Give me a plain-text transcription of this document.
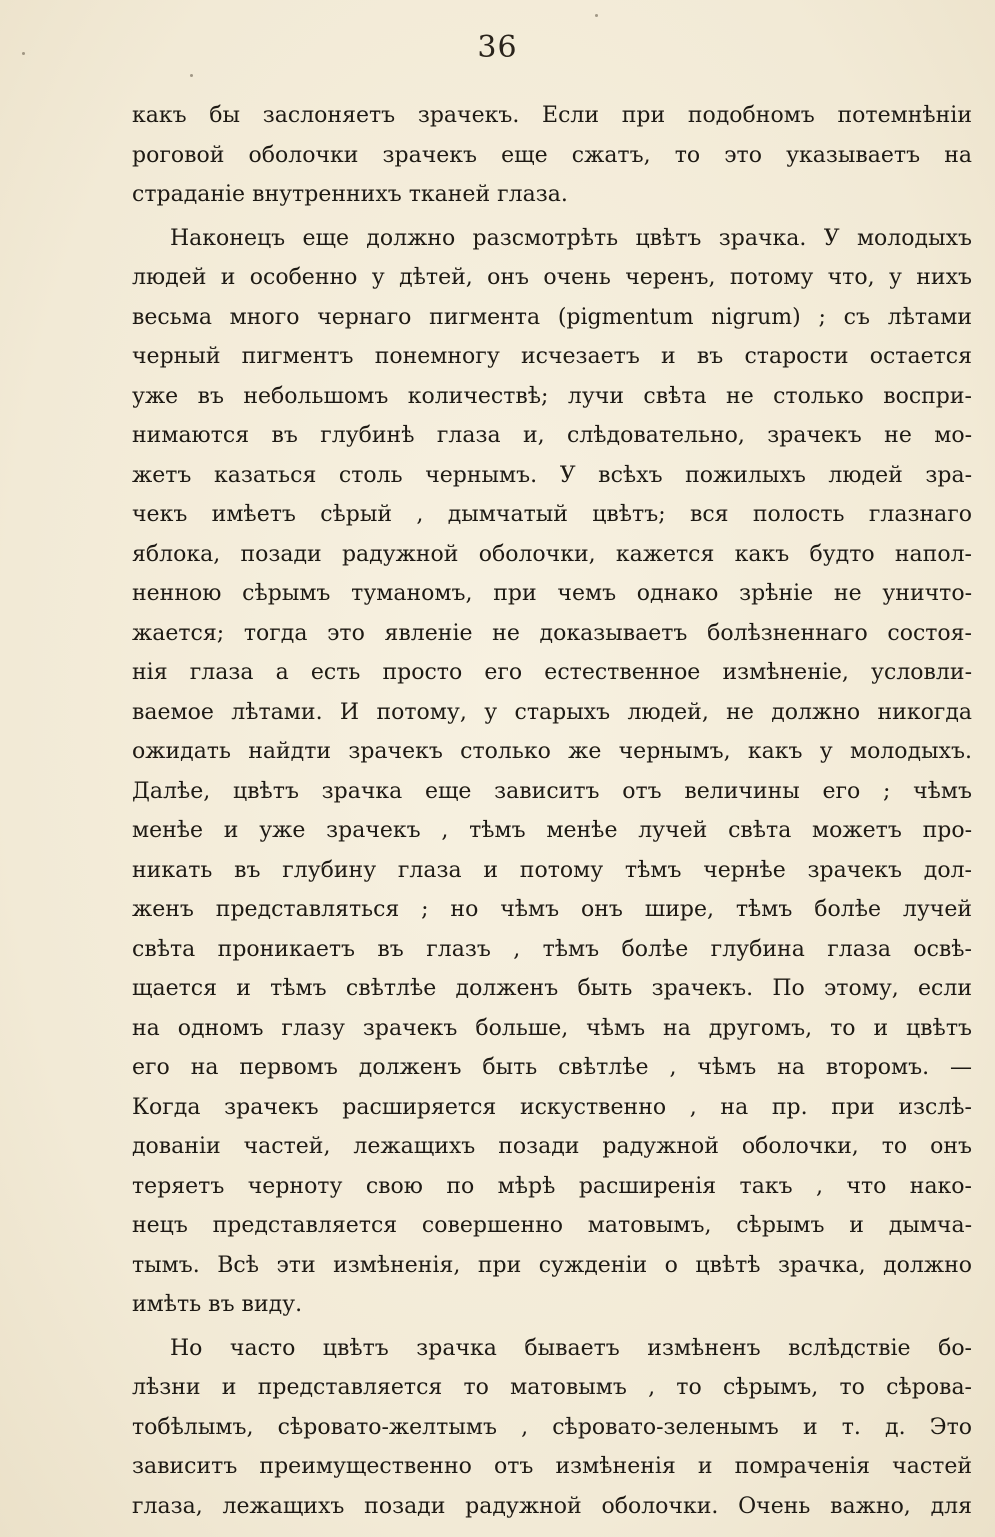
36
какъ бы заслоняетъ зрачекъ. Если при подобномъ потемнѣніи
роговой оболочки зрачекъ еще сжатъ, то это указываетъ на
страданіе внутреннихъ тканей глаза.
Наконецъ еще должно разсмотрѣть цвѣтъ зрачка. У молодыхъ
людей и особенно у дѣтей, онъ очень черенъ, потому что, у нихъ
весьма много чернаго пигмента (pigmentum nigrum) ; съ лѣтами
черный пигментъ понемногу исчезаетъ и въ старости остается
уже въ небольшомъ количествѣ; лучи свѣта не столько воспри-
нимаются въ глубинѣ глаза и, слѣдовательно, зрачекъ не мо-
жетъ казаться столь чернымъ. У всѣхъ пожилыхъ людей зра-
чекъ имѣетъ сѣрый , дымчатый цвѣтъ; вся полость глазнаго
яблока, позади радужной оболочки, кажется какъ будто напол-
ненною сѣрымъ туманомъ, при чемъ однако зрѣніе не уничто-
жается; тогда это явленіе не доказываетъ болѣзненнаго состоя-
нія глаза а есть просто его естественное измѣненіе, условли-
ваемое лѣтами. И потому, у старыхъ людей, не должно никогда
ожидать найдти зрачекъ столько же чернымъ, какъ у молодыхъ.
Далѣе, цвѣтъ зрачка еще зависитъ отъ величины его ; чѣмъ
менѣе и уже зрачекъ , тѣмъ менѣе лучей свѣта можетъ про-
никать въ глубину глаза и потому тѣмъ чернѣе зрачекъ дол-
женъ представляться ; но чѣмъ онъ шире, тѣмъ болѣе лучей
свѣта проникаетъ въ глазъ , тѣмъ болѣе глубина глаза освѣ-
щается и тѣмъ свѣтлѣе долженъ быть зрачекъ. По этому, если
на одномъ глазу зрачекъ больше, чѣмъ на другомъ, то и цвѣтъ
его на первомъ долженъ быть свѣтлѣе , чѣмъ на второмъ. —
Когда зрачекъ расширяется искуственно , на пр. при изслѣ-
дованіи частей, лежащихъ позади радужной оболочки, то онъ
теряетъ черноту свою по мѣрѣ расширенія такъ , что нако-
нецъ представляется совершенно матовымъ, сѣрымъ и дымча-
тымъ. Всѣ эти измѣненія, при сужденіи о цвѣтѣ зрачка, должно
имѣть въ виду.
Но часто цвѣтъ зрачка бываетъ измѣненъ вслѣдствіе бо-
лѣзни и представляется то матовымъ , то сѣрымъ, то сѣрова-
тобѣлымъ, сѣровато-желтымъ , сѣровато-зеленымъ и т. д. Это
зависитъ преимущественно отъ измѣненія и помраченія частей
глаза, лежащихъ позади радужной оболочки. Очень важно, для
